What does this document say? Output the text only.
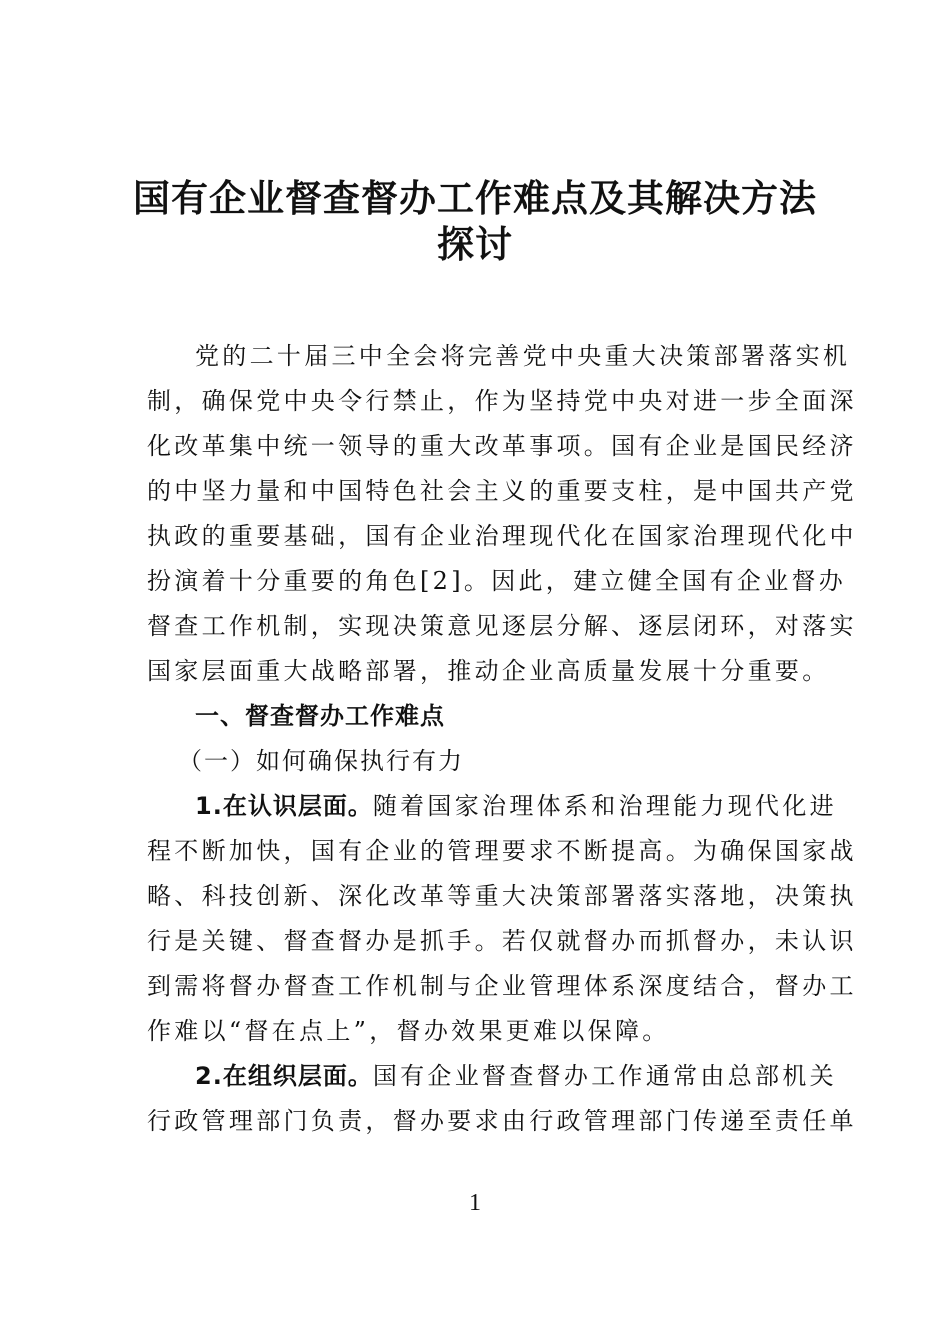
国有企业督查督办工作难点及其解决方法
探讨
党的二十届三中全会将完善党中央重大决策部署落实机
制，确保党中央令行禁止，作为坚持党中央对进一步全面深
化改革集中统一领导的重大改革事项。国有企业是国民经济
的中坚力量和中国特色社会主义的重要支柱，是中国共产党
执政的重要基础，国有企业治理现代化在国家治理现代化中
扮演着十分重要的角色[2]。因此，建立健全国有企业督办
督查工作机制，实现决策意见逐层分解、逐层闭环，对落实
国家层面重大战略部署，推动企业高质量发展十分重要。
一、督查督办工作难点
（一）如何确保执行有力
1.在认识层面。随着国家治理体系和治理能力现代化进
程不断加快，国有企业的管理要求不断提高。为确保国家战
略、科技创新、深化改革等重大决策部署落实落地，决策执
行是关键、督查督办是抓手。若仅就督办而抓督办，未认识
到需将督办督查工作机制与企业管理体系深度结合，督办工
作难以“督在点上”，督办效果更难以保障。
2.在组织层面。国有企业督查督办工作通常由总部机关
行政管理部门负责，督办要求由行政管理部门传递至责任单
1
